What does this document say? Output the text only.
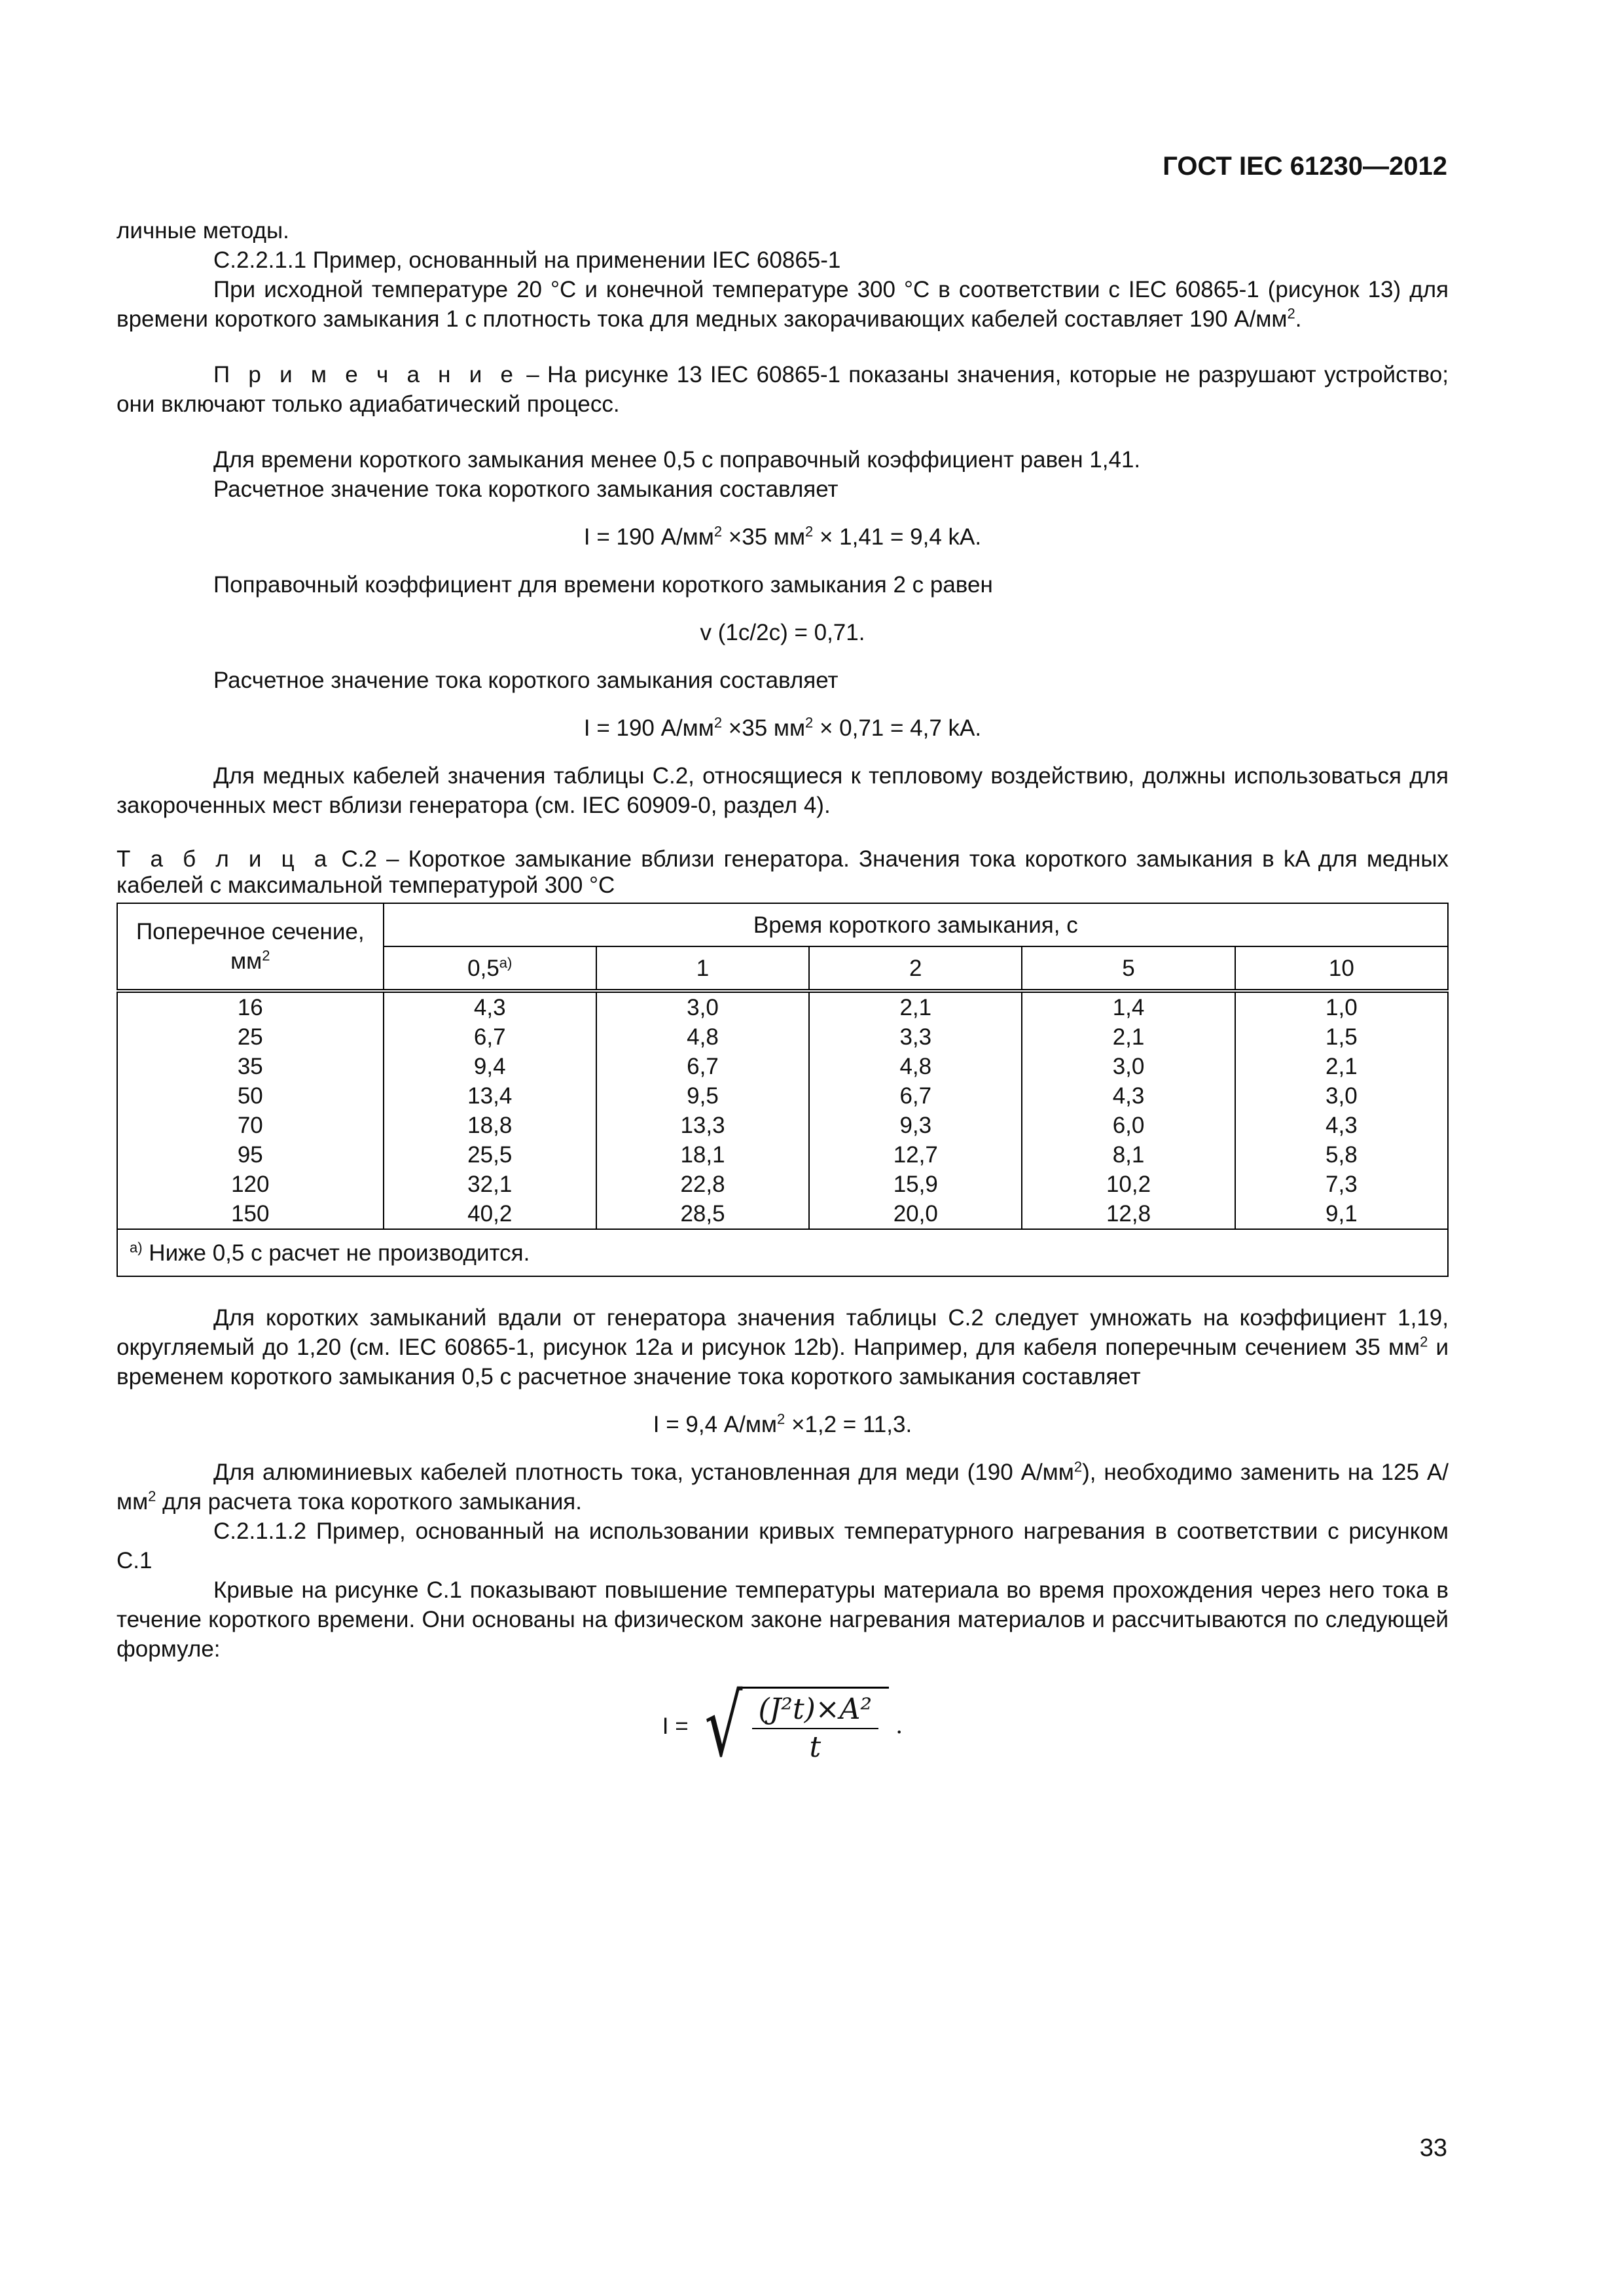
ГОСТ IEC 61230—2012

личные методы.

C.2.2.1.1 Пример, основанный на применении IEC 60865-1

При исходной температуре 20 °С и конечной температуре 300 °С в соответствии с IEC 60865-1 (рисунок 13) для времени короткого замыкания 1 с плотность тока для медных закорачивающих кабелей составляет 190 $А/мм^2$.

П р и м е ч а н и е – На рисунке 13 IEC 60865-1 показаны значения, которые не разрушают устройство; они включают только адиабатический процесс.

Для времени короткого замыкания менее 0,5 с поправочный коэффициент равен 1,41.

Расчетное значение тока короткого замыкания составляет

I = 190 $А/мм^2 \times 35$ $мм^2 \times 1,41 = 9,4$ kA.

Поправочный коэффициент для времени короткого замыкания 2 с равен

v (1с/2с) = 0,71.

Расчетное значение тока короткого замыкания составляет

I = 190 $А/мм^2 \times 35$ $мм^2 \times 0,71 = 4,7$ kA.

Для медных кабелей значения таблицы С.2, относящиеся к тепловому воздействию, должны использоваться для закороченных мест вблизи генератора (см. IEC 60909-0, раздел 4).

Т а б л и ц а С.2 – Короткое замыкание вблизи генератора. Значения тока короткого замыкания в kA для медных кабелей с максимальной температурой 300 °С

Поперечное сечение, $мм^2$	Время короткого замыкания, с				
	$0,5^{а)}$	1	2	5	10
16	4,3	3,0	2,1	1,4	1,0
25	6,7	4,8	3,3	2,1	1,5
35	9,4	6,7	4,8	3,0	2,1
50	13,4	9,5	6,7	4,3	3,0
70	18,8	13,3	9,3	6,0	4,3
95	25,5	18,1	12,7	8,1	5,8
120	32,1	22,8	15,9	10,2	7,3
150	40,2	28,5	20,0	12,8	9,1
$^{а)}$ Ниже 0,5 с расчет не производится.					

Для коротких замыканий вдали от генератора значения таблицы С.2 следует умножать на коэффициент 1,19, округляемый до 1,20 (см. IEC 60865-1, рисунок 12a и рисунок 12b). Например, для кабеля поперечным сечением 35 $мм^2$ и временем короткого замыкания 0,5 с расчетное значение тока короткого замыкания составляет

I = 9,4 $А/мм^2 \times 1,2 = 11,3$.

Для алюминиевых кабелей плотность тока, установленная для меди (190 $А/мм^2$), необходимо заменить на 125 $А/мм^2$ для расчета тока короткого замыкания.

C.2.1.1.2 Пример, основанный на использовании кривых температурного нагревания в соответствии с рисунком С.1

Кривые на рисунке С.1 показывают повышение температуры материала во время прохождения через него тока в течение короткого времени. Они основаны на физическом законе нагревания материалов и рассчитываются по следующей формуле:

I = √
$\frac{\text{(J²t)×A²}}{t}$ .
33
